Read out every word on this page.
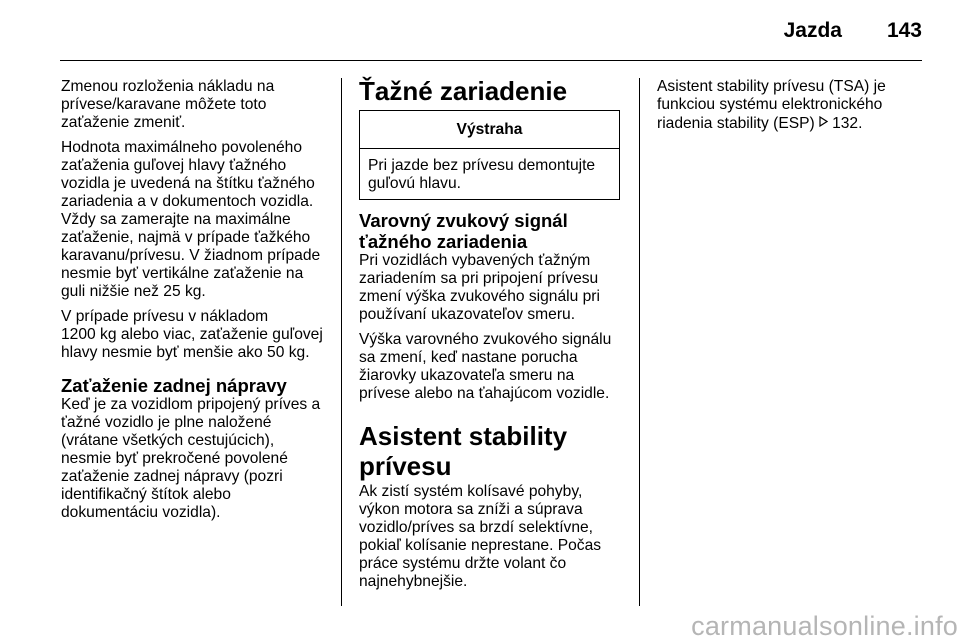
Jazda 143

Zmenou rozloženia nákladu na
prívese/karavane môžete toto
zaťaženie zmeniť.

Hodnota maximálneho povoleného
zaťaženia guľovej hlavy ťažného
vozidla je uvedená na štítku ťažného
zariadenia a v dokumentoch vozidla.
Vždy sa zamerajte na maximálne
zaťaženie, najmä v prípade ťažkého
karavanu/prívesu. V žiadnom prípade
nesmie byť vertikálne zaťaženie na
guli nižšie než 25 kg.

V prípade prívesu v nákladom
1200 kg alebo viac, zaťaženie guľovej
hlavy nesmie byť menšie ako 50 kg.

Zaťaženie zadnej nápravy

Keď je za vozidlom pripojený príves a
ťažné vozidlo je plne naložené
(vrátane všetkých cestujúcich),
nesmie byť prekročené povolené
zaťaženie zadnej nápravy (pozri
identifikačný štítok alebo
dokumentáciu vozidla).

Ťažné zariadenie
Výstraha
Pri jazde bez prívesu demontujte
guľovú hlavu.
Varovný zvukový signál
ťažného zariadenia

Pri vozidlách vybavených ťažným
zariadením sa pri pripojení prívesu
zmení výška zvukového signálu pri
používaní ukazovateľov smeru.

Výška varovného zvukového signálu
sa zmení, keď nastane porucha
žiarovky ukazovateľa smeru na
prívese alebo na ťahajúcom vozidle.

Asistent stability prívesu

Ak zistí systém kolísavé pohyby,
výkon motora sa zníži a súprava
vozidlo/príves sa brzdí selektívne,
pokiaľ kolísanie neprestane. Počas
práce systému držte volant čo
najnehybnejšie.

Asistent stability prívesu (TSA) je
funkciou systému elektronického
riadenia stability (ESP) 132.

carmanualsonline.info
